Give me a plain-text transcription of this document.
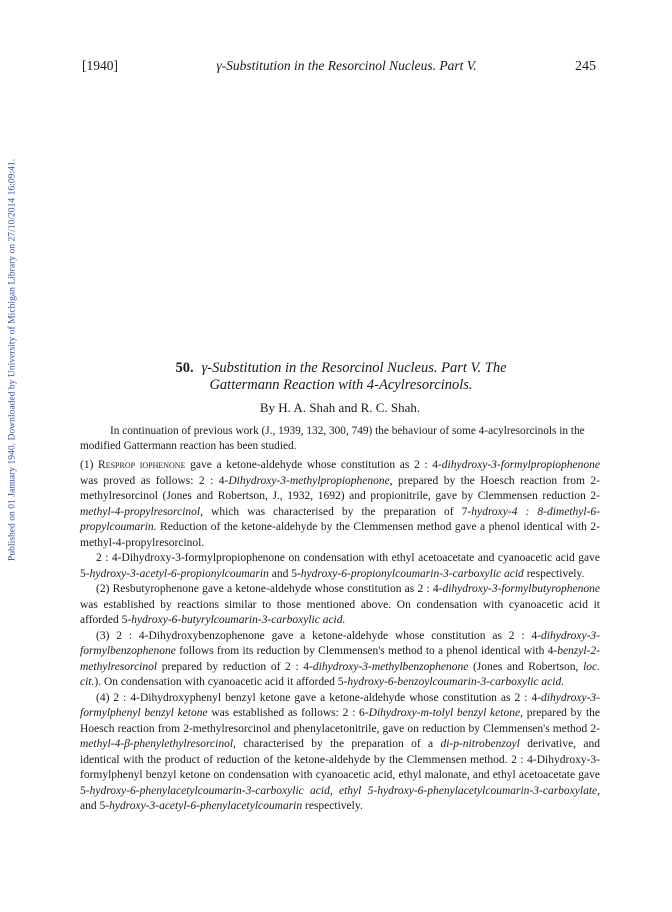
Published on 01 January 1940. Downloaded by University of Michigan Library on 27/10/2014 16:09:41.
[1940]	γ-Substitution in the Resorcinol Nucleus. Part V.	245
50. γ-Substitution in the Resorcinol Nucleus. Part V. The
Gattermann Reaction with 4-Acylresorcinols.
By H. A. Shah and R. C. Shah.
In continuation of previous work (J., 1939, 132, 300, 749) the behaviour of some 4-acylresorcinols in the modified Gattermann reaction has been studied.

(1) Resprop iophenone gave a ketone-aldehyde whose constitution as 2 : 4-dihydroxy-3-formylpropiophenone was proved as follows: 2 : 4-Dihydroxy-3-methylpropiophenone, prepared by the Hoesch reaction from 2-methylresorcinol (Jones and Robertson, J., 1932, 1692) and propionitrile, gave by Clemmensen reduction 2-methyl-4-propylresorcinol, which was characterised by the preparation of 7-hydroxy-4 : 8-dimethyl-6-propylcoumarin. Reduction of the ketone-aldehyde by the Clemmensen method gave a phenol identical with 2-methyl-4-propylresorcinol.

2 : 4-Dihydroxy-3-formylpropiophenone on condensation with ethyl acetoacetate and cyanoacetic acid gave 5-hydroxy-3-acetyl-6-propionylcoumarin and 5-hydroxy-6-propionylcoumarin-3-carboxylic acid respectively.

(2) Resbutyrophenone gave a ketone-aldehyde whose constitution as 2 : 4-dihydroxy-3-formylbutyrophenone was established by reactions similar to those mentioned above. On condensation with cyanoacetic acid it afforded 5-hydroxy-6-butyrylcoumarin-3-carboxylic acid.

(3) 2 : 4-Dihydroxybenzophenone gave a ketone-aldehyde whose constitution as 2 : 4-dihydroxy-3-formylbenzophenone follows from its reduction by Clemmensen's method to a phenol identical with 4-benzyl-2-methylresorcinol prepared by reduction of 2 : 4-dihydroxy-3-methylbenzophenone (Jones and Robertson, loc. cit.). On condensation with cyanoacetic acid it afforded 5-hydroxy-6-benzoylcoumarin-3-carboxylic acid.

(4) 2 : 4-Dihydroxyphenyl benzyl ketone gave a ketone-aldehyde whose constitution as 2 : 4-dihydroxy-3-formylphenyl benzyl ketone was established as follows: 2 : 6-Dihydroxy-m-tolyl benzyl ketone, prepared by the Hoesch reaction from 2-methylresorcinol and phenylacetonitrile, gave on reduction by Clemmensen's method 2-methyl-4-β-phenylethylresorcinol, characterised by the preparation of a di-p-nitrobenzoyl derivative, and identical with the product of reduction of the ketone-aldehyde by the Clemmensen method. 2 : 4-Dihydroxy-3-formylphenyl benzyl ketone on condensation with cyanoacetic acid, ethyl malonate, and ethyl acetoacetate gave 5-hydroxy-6-phenylacetylcoumarin-3-carboxylic acid, ethyl 5-hydroxy-6-phenylacetylcoumarin-3-carboxylate, and 5-hydroxy-3-acetyl-6-phenylacetylcoumarin respectively.
